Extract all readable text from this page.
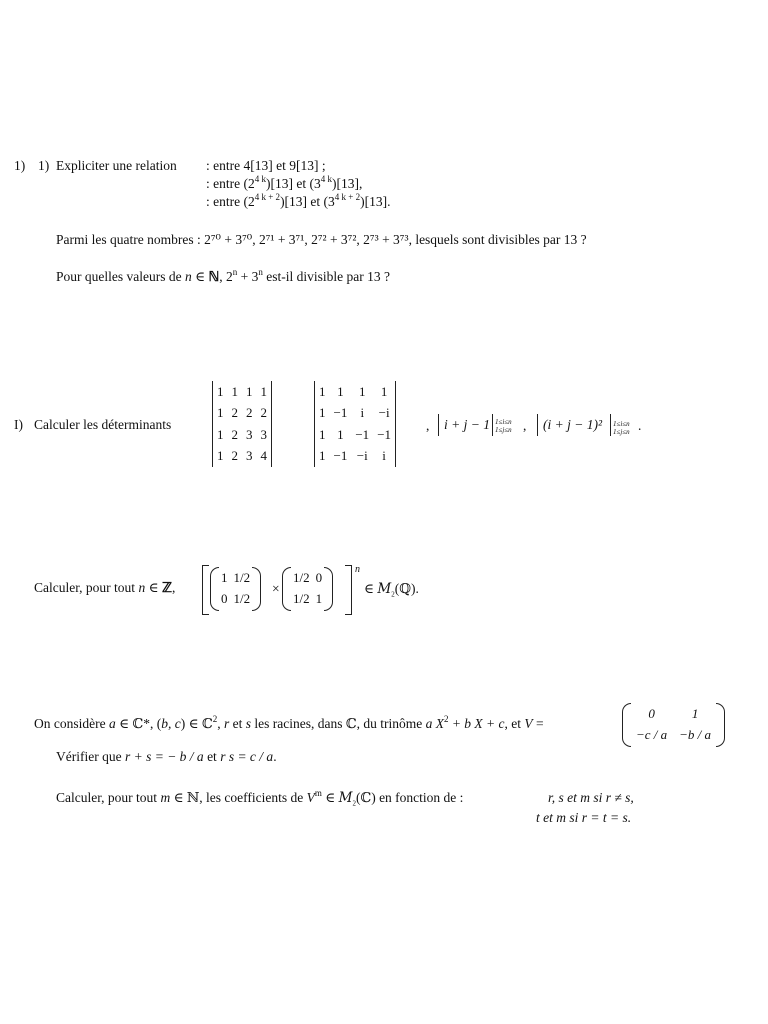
1) 1) Expliciter une relation : entre 4[13] et 9[13] ;
: entre $(2^{4 k})[13]$ et $(3^{4 k})[13]$,
: entre $(2^{4 k + 2})[13]$ et $(3^{4 k + 2})[13]$.
Parmi les quatre nombres : 2⁷⁰ + 3⁷⁰, 2⁷¹ + 3⁷¹, 2⁷² + 3⁷², 2⁷³ + 3⁷³, lesquels sont divisibles par 13 ?
Pour quelles valeurs de n ∈ ℕ, $2^n + 3^n$ est-il divisible par 13 ?
I) Calculer les déterminants
1	1	1	1
1	2	2	2
1	2	3	3
1	2	3	4
1	1	1	1
1	−1	i	−i
1	1	−1	−1
1	−1	−i	i
, i + j − 1 1≤i≤n
1≤j≤n , (i + j − 1)² 1≤i≤n
1≤j≤n .
Calculer, pour tout n ∈ ℤ,
1	1/2
0	1/2
×
1/2	0
1/2	1
n
∈ $M_2(ℚ)$.
On considère a ∈ ℂ*, (b, c) ∈ ℂ$^2$, r et s les racines, dans ℂ, du trinôme a $X^2 + b$ X + c, et V =
0	1
−c / a	−b / a
Vérifier que r + s = − b / a et r s = c / a.
Calculer, pour tout m ∈ ℕ, les coefficients de $V^m$ ∈ $M_2(ℂ)$ en fonction de :	r, s et m si r ≠ s,
t et m si r = t = s.
